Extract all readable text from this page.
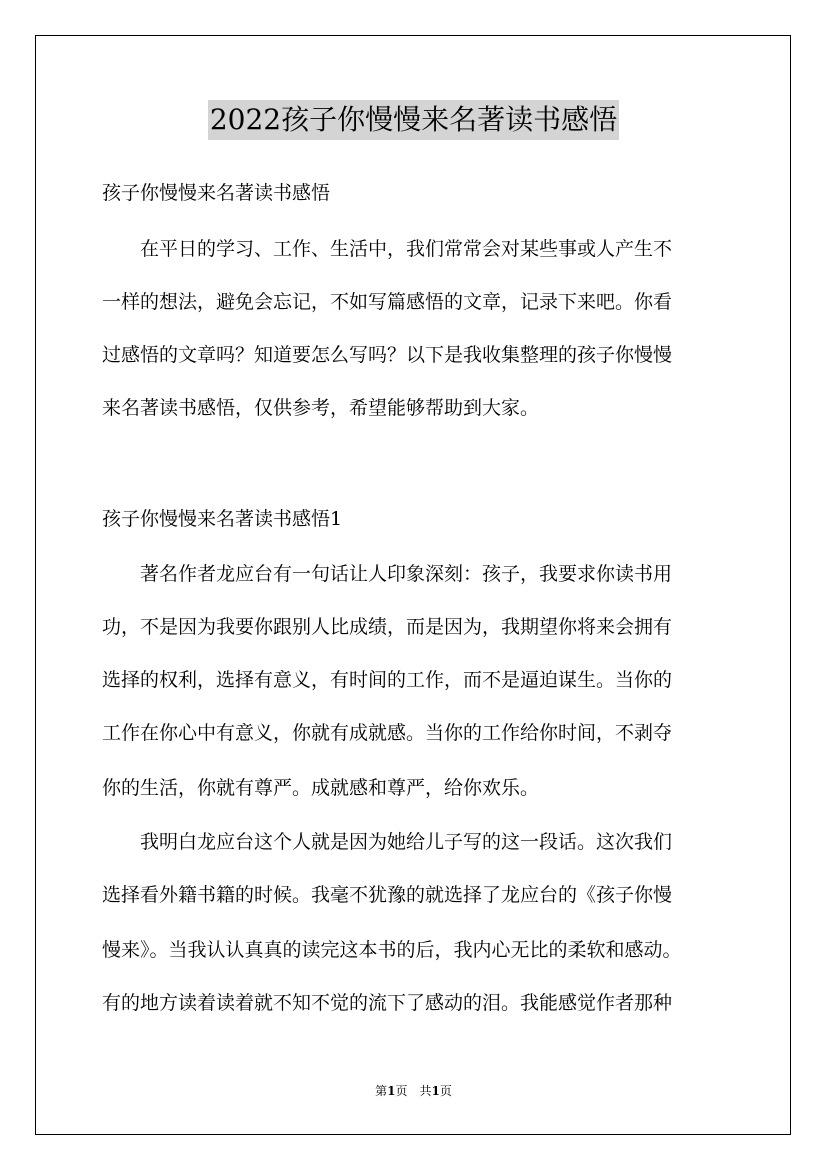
2022孩子你慢慢来名著读书感悟
孩子你慢慢来名著读书感悟
　　在平日的学习、工作、生活中，我们常常会对某些事或人产生不
一样的想法，避免会忘记，不如写篇感悟的文章，记录下来吧。你看
过感悟的文章吗？知道要怎么写吗？以下是我收集整理的孩子你慢慢
来名著读书感悟，仅供参考，希望能够帮助到大家。
孩子你慢慢来名著读书感悟1
　　著名作者龙应台有一句话让人印象深刻：孩子，我要求你读书用
功，不是因为我要你跟别人比成绩，而是因为，我期望你将来会拥有
选择的权利，选择有意义，有时间的工作，而不是逼迫谋生。当你的
工作在你心中有意义，你就有成就感。当你的工作给你时间，不剥夺
你的生活，你就有尊严。成就感和尊严，给你欢乐。
　　我明白龙应台这个人就是因为她给儿子写的这一段话。这次我们
选择看外籍书籍的时候。我毫不犹豫的就选择了龙应台的《孩子你慢
慢来》。当我认认真真的读完这本书的后，我内心无比的柔软和感动。
有的地方读着读着就不知不觉的流下了感动的泪。我能感觉作者那种
第1页　共1页
